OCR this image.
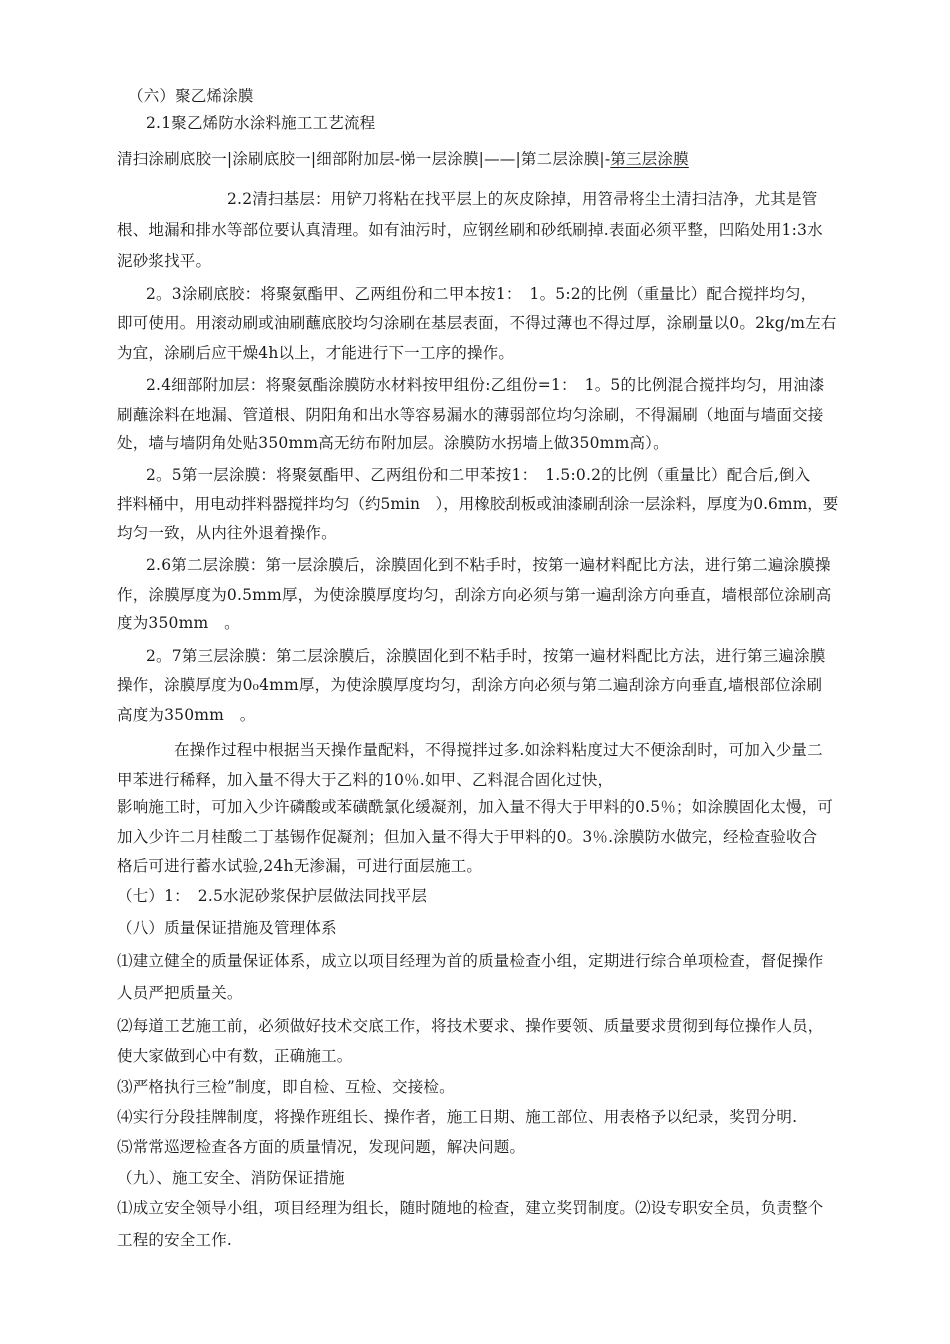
（六）聚乙烯涂膜
2.1聚乙烯防水涂料施工工艺流程
清扫涂刷底胶一|涂刷底胶一|细部附加层-悌一层涂膜|——|第二层涂膜|-第三层涂膜
2.2清扫基层：用铲刀将粘在找平层上的灰皮除掉，用笤帚将尘土清扫洁净，尤其是管
根、地漏和排水等部位要认真清理。如有油污时，应钢丝刷和砂纸刷掉.表面必须平整，凹陷处用1:3水
泥砂浆找平。
2。3涂刷底胶：将聚氨酯甲、乙两组份和二甲本按1：　1。5:2的比例（重量比）配合搅拌均匀，
即可使用。用滚动刷或油刷蘸底胶均匀涂刷在基层表面，不得过薄也不得过厚，涂刷量以0。2kg/m左右
为宜，涂刷后应干燥4h以上，才能进行下一工序的操作。
2.4细部附加层：将聚氨酯涂膜防水材料按甲组份:乙组份=1：　1。5的比例混合搅拌均匀，用油漆
刷蘸涂料在地漏、管道根、阴阳角和出水等容易漏水的薄弱部位均匀涂刷，不得漏刷（地面与墙面交接
处，墙与墙阴角处贴350mm高无纺布附加层。涂膜防水拐墙上做350mm高）。
2。5第一层涂膜：将聚氨酯甲、乙两组份和二甲苯按1：　1.5:0.2的比例（重量比）配合后,倒入
拌料桶中，用电动拌料器搅拌均匀（约5min　），用橡胶刮板或油漆刷刮涂一层涂料，厚度为0.6mm，要
均匀一致，从内往外退着操作。
2.6第二层涂膜：第一层涂膜后，涂膜固化到不粘手时，按第一遍材料配比方法，进行第二遍涂膜操
作，涂膜厚度为0.5mm厚，为使涂膜厚度均匀，刮涂方向必须与第一遍刮涂方向垂直，墙根部位涂刷高
度为350mm　。
2。7第三层涂膜：第二层涂膜后，涂膜固化到不粘手时，按第一遍材料配比方法，进行第三遍涂膜
操作，涂膜厚度为0₀4mm厚，为使涂膜厚度均匀，刮涂方向必须与第二遍刮涂方向垂直,墙根部位涂刷
高度为350mm　。
在操作过程中根据当天操作量配料，不得搅拌过多.如涂料粘度过大不便涂刮时，可加入少量二
甲苯进行稀释，加入量不得大于乙料的10％.如甲、乙料混合固化过快，
影响施工时，可加入少许磷酸或苯磺酰氯化缓凝剂，加入量不得大于甲料的0.5％；如涂膜固化太慢，可
加入少许二月桂酸二丁基锡作促凝剂；但加入量不得大于甲料的0。3％.涂膜防水做完，经检查验收合
格后可进行蓄水试验,24h无渗漏，可进行面层施工。
（七）1：　2.5水泥砂浆保护层做法同找平层
（八）质量保证措施及管理体系
⑴建立健全的质量保证体系，成立以项目经理为首的质量检查小组，定期进行综合单项检查，督促操作
人员严把质量关。
⑵每道工艺施工前，必须做好技术交底工作，将技术要求、操作要领、质量要求贯彻到每位操作人员，
使大家做到心中有数，正确施工。
⑶严格执行三检”制度，即自检、互检、交接检。
⑷实行分段挂牌制度，将操作班组长、操作者，施工日期、施工部位、用表格予以纪录，奖罚分明.
⑸常常巡逻检查各方面的质量情况，发现问题，解决问题。
（九）、施工安全、消防保证措施
⑴成立安全领导小组，项目经理为组长，随时随地的检查，建立奖罚制度。⑵设专职安全员，负责整个
工程的安全工作.
